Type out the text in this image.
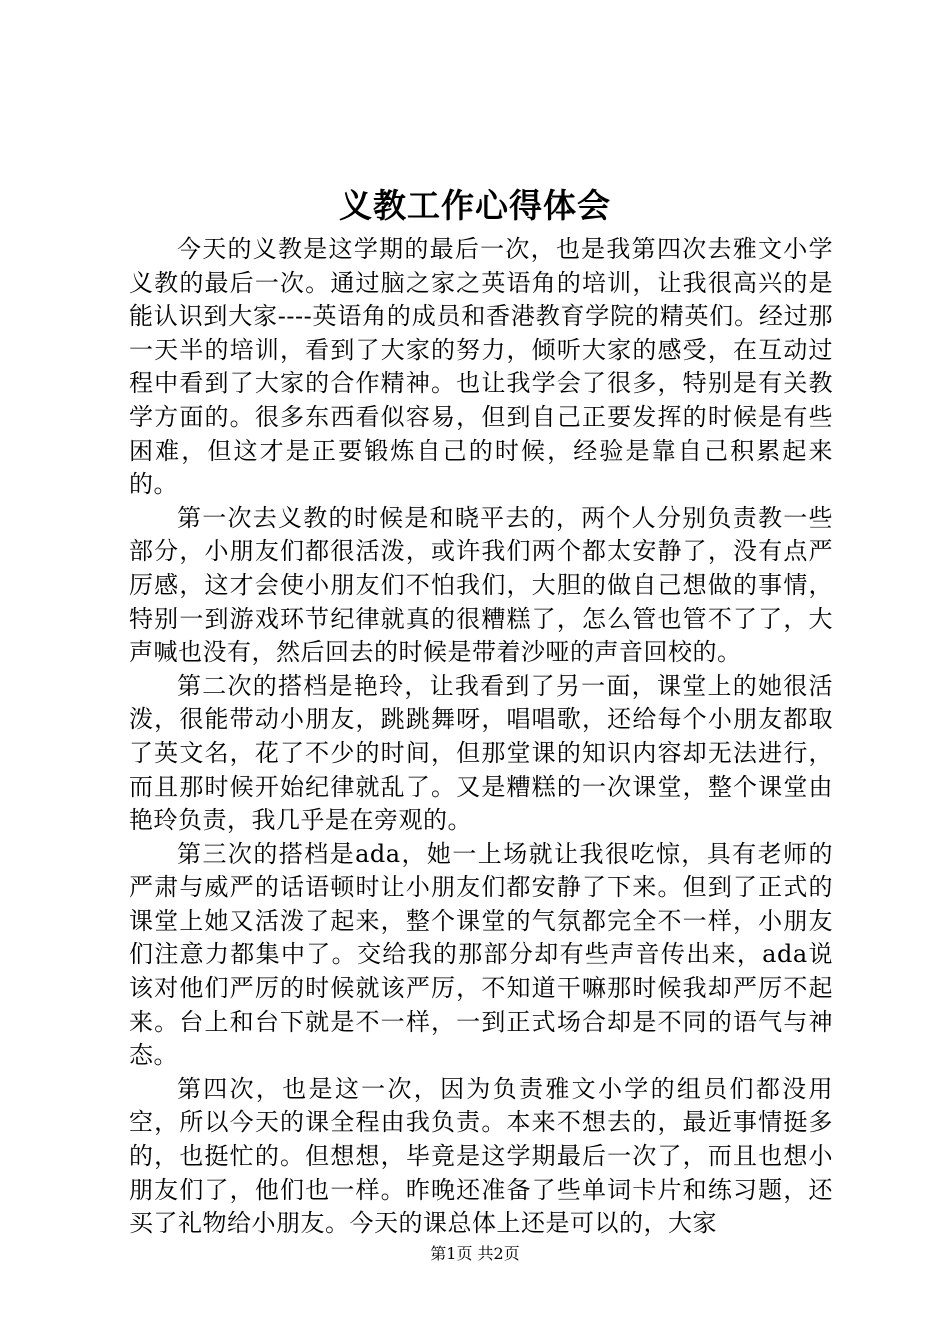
义教工作心得体会

今天的义教是这学期的最后一次，也是我第四次去雅文小学义教的最后一次。通过脑之家之英语角的培训，让我很高兴的是能认识到大家----英语角的成员和香港教育学院的精英们。经过那一天半的培训，看到了大家的努力，倾听大家的感受，在互动过程中看到了大家的合作精神。也让我学会了很多，特别是有关教学方面的。很多东西看似容易，但到自己正要发挥的时候是有些困难，但这才是正要锻炼自己的时候，经验是靠自己积累起来的。

第一次去义教的时候是和晓平去的，两个人分别负责教一些部分，小朋友们都很活泼，或许我们两个都太安静了，没有点严厉感，这才会使小朋友们不怕我们，大胆的做自己想做的事情，特别一到游戏环节纪律就真的很糟糕了，怎么管也管不了了，大声喊也没有，然后回去的时候是带着沙哑的声音回校的。

第二次的搭档是艳玲，让我看到了另一面，课堂上的她很活泼，很能带动小朋友，跳跳舞呀，唱唱歌，还给每个小朋友都取了英文名，花了不少的时间，但那堂课的知识内容却无法进行，而且那时候开始纪律就乱了。又是糟糕的一次课堂，整个课堂由艳玲负责，我几乎是在旁观的。

第三次的搭档是ada，她一上场就让我很吃惊，具有老师的严肃与威严的话语顿时让小朋友们都安静了下来。但到了正式的课堂上她又活泼了起来，整个课堂的气氛都完全不一样，小朋友们注意力都集中了。交给我的那部分却有些声音传出来，ada说该对他们严厉的时候就该严厉，不知道干嘛那时候我却严厉不起来。台上和台下就是不一样，一到正式场合却是不同的语气与神态。

第四次，也是这一次，因为负责雅文小学的组员们都没用空，所以今天的课全程由我负责。本来不想去的，最近事情挺多的，也挺忙的。但想想，毕竟是这学期最后一次了，而且也想小朋友们了，他们也一样。昨晚还准备了些单词卡片和练习题，还买了礼物给小朋友。今天的课总体上还是可以的，大家

第1页 共2页
